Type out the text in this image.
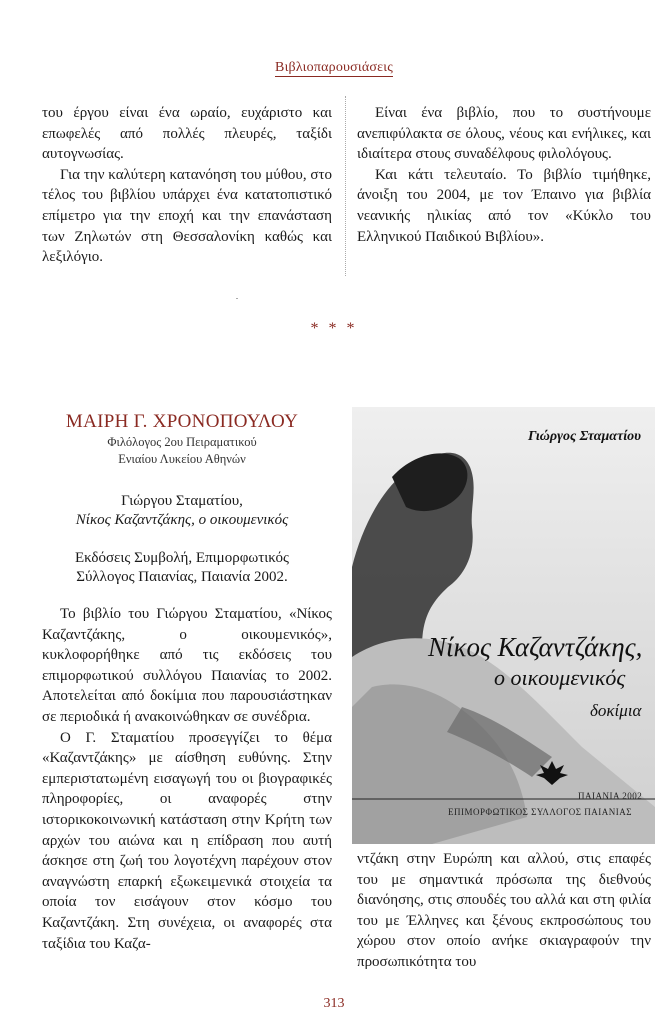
Βιβλιοπαρουσιάσεις

του έργου είναι ένα ωραίο, ευχάριστο και επωφελές από πολλές πλευρές, ταξίδι αυτογνωσίας.

Για την καλύτερη κατανόηση του μύθου, στο τέλος του βιβλίου υπάρχει ένα κατατοπιστικό επίμετρο για την εποχή και την επανάσταση των Ζηλωτών στη Θεσσαλονίκη καθώς και λεξιλόγιο.

Είναι ένα βιβλίο, που το συστήνουμε ανεπιφύλακτα σε όλους, νέους και ενήλικες, και ιδιαίτερα στους συναδέλφους φιλολόγους.

Και κάτι τελευταίο. Το βιβλίο τιμήθηκε, άνοιξη του 2004, με τον Έπαινο για βιβλία νεανικής ηλικίας από τον «Κύκλο του Ελληνικού Παιδικού Βιβλίου».

* * *
ΜΑΙΡΗ Γ. ΧΡΟΝΟΠΟΥΛΟΥ
Φιλόλογος 2ου Πειραματικού
Ενιαίου Λυκείου Αθηνών
Γιώργου Σταματίου,
Νίκος Καζαντζάκης, ο οικουμενικός
Εκδόσεις Συμβολή, Επιμορφωτικός
Σύλλογος Παιανίας, Παιανία 2002.

Το βιβλίο του Γιώργου Σταματίου, «Νίκος Καζαντζάκης, ο οικουμενικός», κυκλοφορήθηκε από τις εκδόσεις του επιμορφωτικού συλλόγου Παιανίας το 2002. Αποτελείται από δοκίμια που παρουσιάστηκαν σε περιοδικά ή ανακοινώθηκαν σε συνέδρια.

Ο Γ. Σταματίου προσεγγίζει το θέμα «Καζαντζάκης» με αίσθηση ευθύνης. Στην εμπεριστατωμένη εισαγωγή του οι βιογραφικές πληροφορίες, οι αναφορές στην ιστορικοκοινωνική κατάσταση στην Κρήτη των αρχών του αιώνα και η επίδραση που αυτή άσκησε στη ζωή του λογοτέχνη παρέχουν στον αναγνώστη επαρκή εξωκειμενικά στοιχεία τα οποία τον εισάγουν στον κόσμο του Καζαντζάκη. Στη συνέχεια, οι αναφορές στα ταξίδια του Καζα-

Γιώργος Σταματίου
Νίκος Καζαντζάκης,
ο οικουμενικός
δοκίμια
ΠΑΙΑΝΙΑ 2002
ΕΠΙΜΟΡΦΩΤΙΚΟΣ ΣΥΛΛΟΓΟΣ ΠΑΙΑΝΙΑΣ

ντζάκη στην Ευρώπη και αλλού, στις επαφές του με σημαντικά πρόσωπα της διεθνούς διανόησης, στις σπουδές του αλλά και στη φιλία του με Έλληνες και ξένους εκπροσώπους του χώρου στον οποίο ανήκε σκιαγραφούν την προσωπικότητα του

313
